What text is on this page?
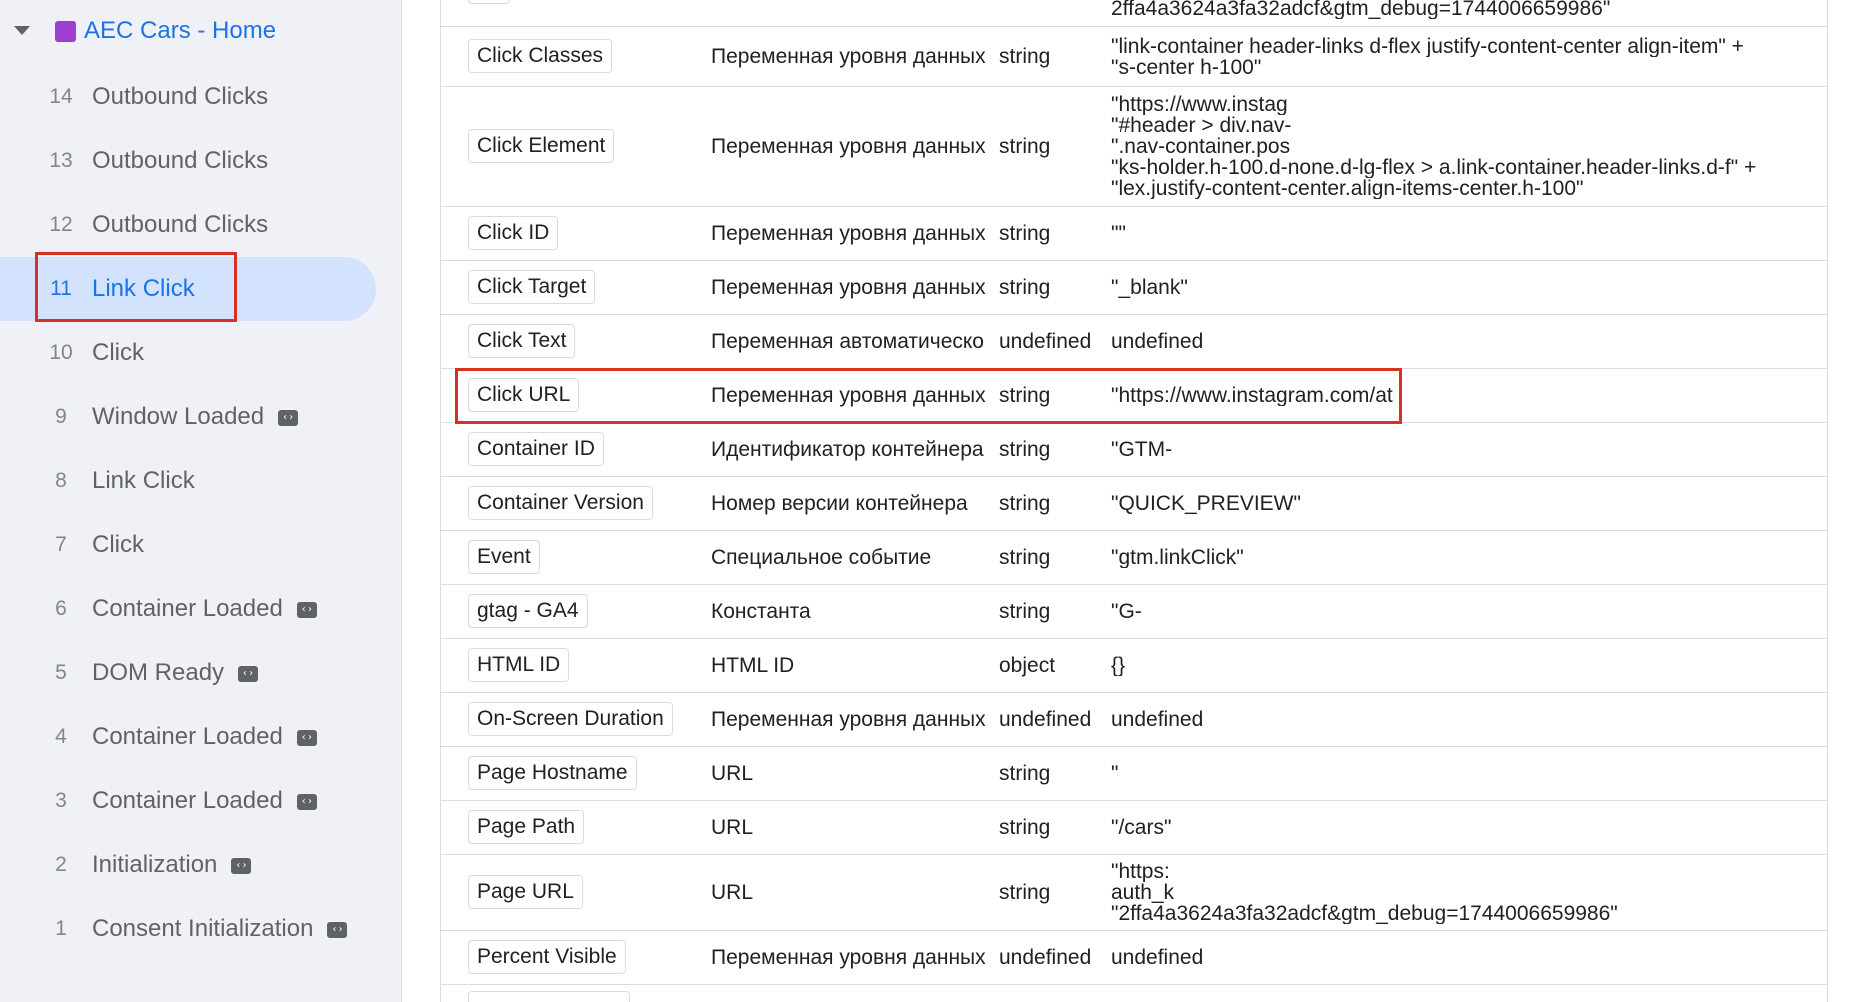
AEC Cars - Home
14 Outbound Clicks
13 Outbound Clicks
12 Outbound Clicks
11 Link Click
10 Click
9	Window Loaded ‹›
8	Link Click
7	Click
6	Container Loaded ‹›
5	DOM Ready ‹›
4	Container Loaded ‹›
3	Container Loaded ‹›
2	Initialization ‹›
1	Consent Initialization ‹›
2ffa4a3624a3fa32adcf&gtm_debug=1744006659986"
Click Classes	Переменная уровня данных string	"link-container header-links d-flex justify-content-center align-item" +
"s-center h-100"
Click Element	Переменная уровня данных string
"https://www.instag
"#header > div.nav-
".nav-container.pos
"ks-holder.h-100.d-none.d-lg-flex > a.link-container.header-links.d-f" +
"lex.justify-content-center.align-items-center.h-100"
Click ID	Переменная уровня данных string	""
Click Target	Переменная уровня данных string	"_blank"
Click Text	Переменная автоматическо undefined undefined
Click URL	Переменная уровня данных string	"https://www.instagram.com/at
Container ID	Идентификатор контейнера string	"GTM-
Container Version	Номер версии контейнера	string	"QUICK_PREVIEW"
Event	Специальное событие	string	"gtm.linkClick"
gtag - GA4	Константа	string	"G-
HTML ID	HTML ID	object	{}
On-Screen Duration	Переменная уровня данных undefined undefined
Page Hostname	URL	string	"
Page Path	URL	string	"/cars"
Page URL	URL	string
"https:
auth_k
"2ffa4a3624a3fa32adcf&gtm_debug=1744006659986"
Percent Visible	Переменная уровня данных undefined undefined
